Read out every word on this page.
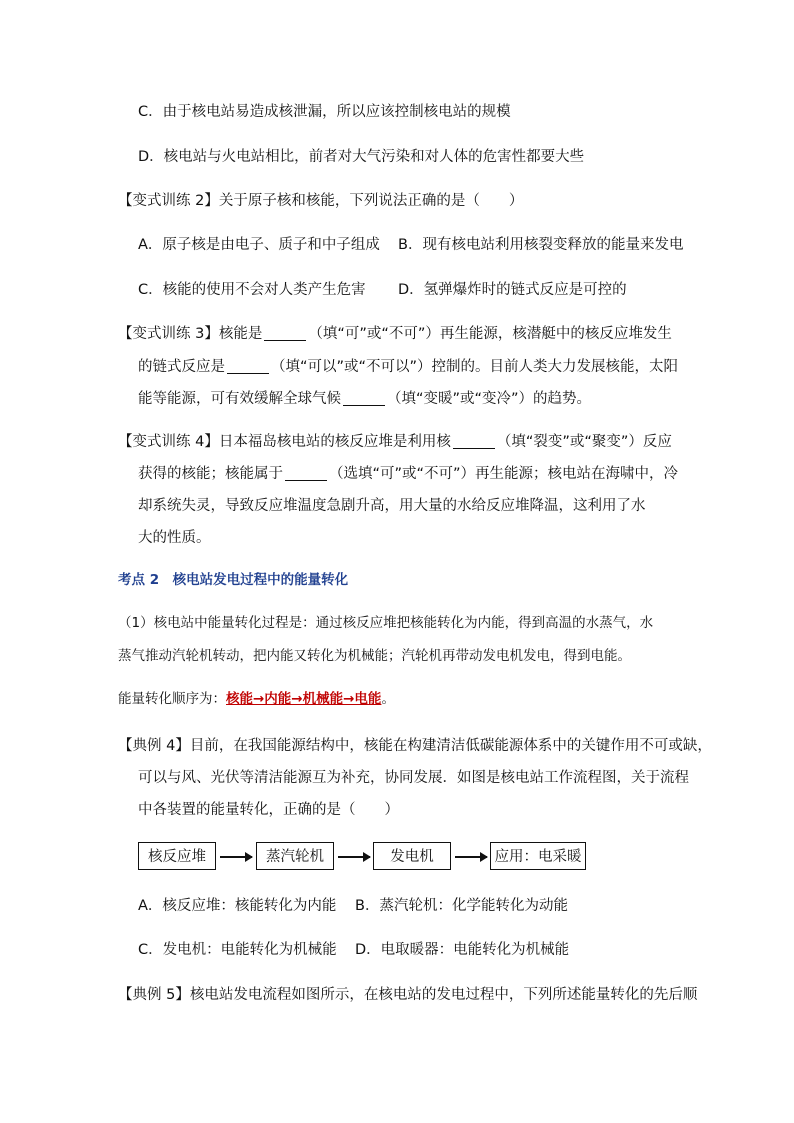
C．由于核电站易造成核泄漏，所以应该控制核电站的规模
D．核电站与火电站相比，前者对大气污染和对人体的危害性都要大些
【变式训练 2】关于原子核和核能，下列说法正确的是（　　）
A．原子核是由电子、质子和中子组成 B．现有核电站利用核裂变释放的能量来发电
C．核能的使用不会对人类产生危害 D．氢弹爆炸时的链式反应是可控的
【变式训练 3】核能是	（填“可”或“不可”）再生能源，核潜艇中的核反应堆发生
的链式反应是	（填“可以”或“不可以”）控制的。目前人类大力发展核能，太阳
能等能源，可有效缓解全球气候	（填“变暖”或“变冷”）的趋势。
【变式训练 4】日本福岛核电站的核反应堆是利用核	（填“裂变”或“聚变”）反应
获得的核能；核能属于	（选填“可”或“不可”）再生能源；核电站在海啸中，冷
却系统失灵，导致反应堆温度急剧升高，用大量的水给反应堆降温，这利用了水
大的性质。
考点 2　核电站发电过程中的能量转化
（1）核电站中能量转化过程是：通过核反应堆把核能转化为内能，得到高温的水蒸气，水
蒸气推动汽轮机转动，把内能又转化为机械能；汽轮机再带动发电机发电，得到电能。
能量转化顺序为：核能→内能→机械能→电能。
【典例 4】目前，在我国能源结构中，核能在构建清洁低碳能源体系中的关键作用不可或缺，
可以与风、光伏等清洁能源互为补充，协同发展．如图是核电站工作流程图，关于流程
中各装置的能量转化，正确的是（　　）
核反应堆	蒸汽轮机	发电机	应用：电采暖
A．核反应堆：核能转化为内能 B．蒸汽轮机：化学能转化为动能
C．发电机：电能转化为机械能 D．电取暖器：电能转化为机械能
【典例 5】核电站发电流程如图所示，在核电站的发电过程中，下列所述能量转化的先后顺
